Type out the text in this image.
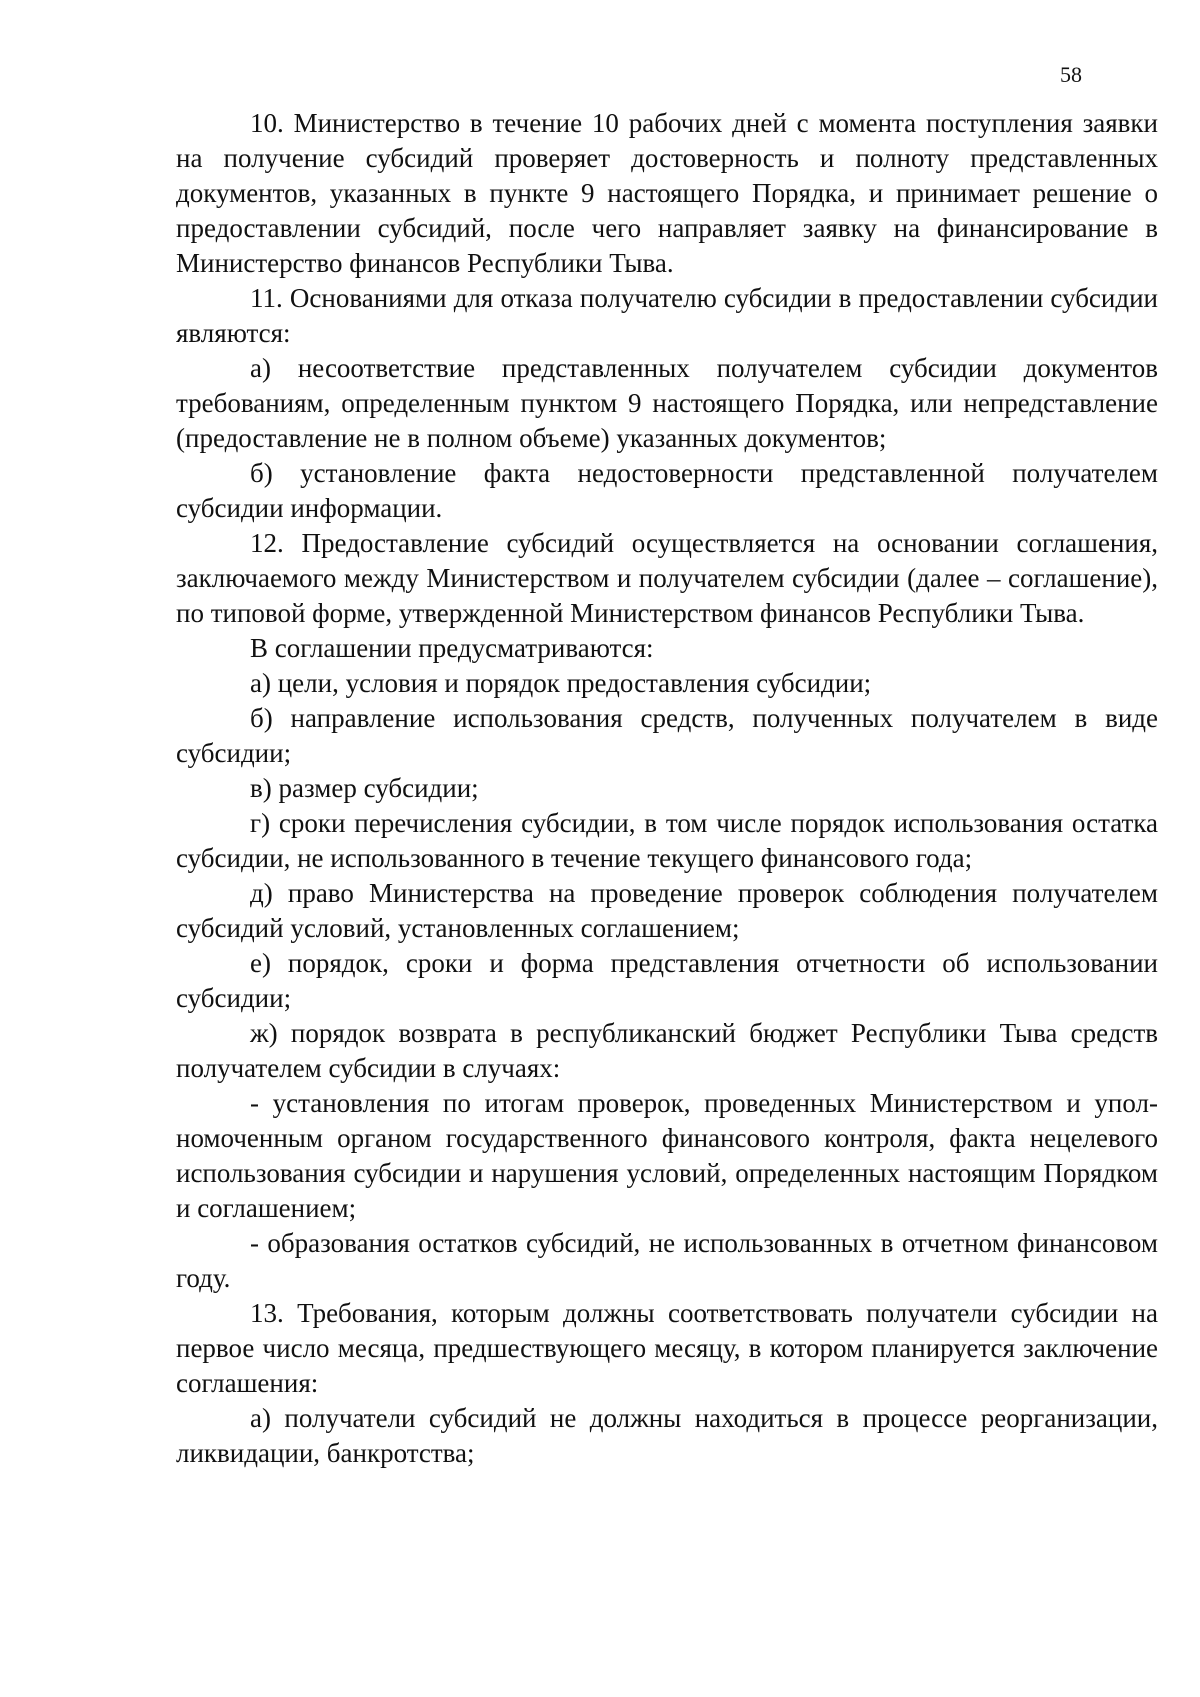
58

10. Министерство в течение 10 рабочих дней с момента поступления заявки на получение субсидий проверяет достоверность и полноту представленных документов, указанных в пункте 9 настоящего Порядка, и принимает решение о предоставлении субсидий, после чего направляет заявку на финансирование в Министерство финансов Республики Тыва.

11. Основаниями для отказа получателю субсидии в предоставлении субсидии являются:

а) несоответствие представленных получателем субсидии документов требованиям, определенным пунктом 9 настоящего Порядка, или непредставление (предоставление не в полном объеме) указанных документов;

б) установление факта недостоверности представленной получателем субсидии информации.

12. Предоставление субсидий осуществляется на основании соглашения, заключаемого между Министерством и получателем субсидии (далее – соглашение), по типовой форме, утвержденной Министерством финансов Республики Тыва.

В соглашении предусматриваются:

а) цели, условия и порядок предоставления субсидии;

б) направление использования средств, полученных получателем в виде субсидии;

в) размер субсидии;

г) сроки перечисления субсидии, в том числе порядок использования остатка субсидии, не использованного в течение текущего финансового года;

д) право Министерства на проведение проверок соблюдения получателем субсидий условий, установленных соглашением;

е) порядок, сроки и форма представления отчетности об использовании субсидии;

ж) порядок возврата в республиканский бюджет Республики Тыва средств получателем субсидии в случаях:

- установления по итогам проверок, проведенных Министерством и уполномоченным органом государственного финансового контроля, факта нецелевого использования субсидии и нарушения условий, определенных настоящим Порядком и соглашением;

- образования остатков субсидий, не использованных в отчетном финансовом году.

13. Требования, которым должны соответствовать получатели субсидии на первое число месяца, предшествующего месяцу, в котором планируется заключение соглашения:

а) получатели субсидий не должны находиться в процессе реорганизации, ликвидации, банкротства;
